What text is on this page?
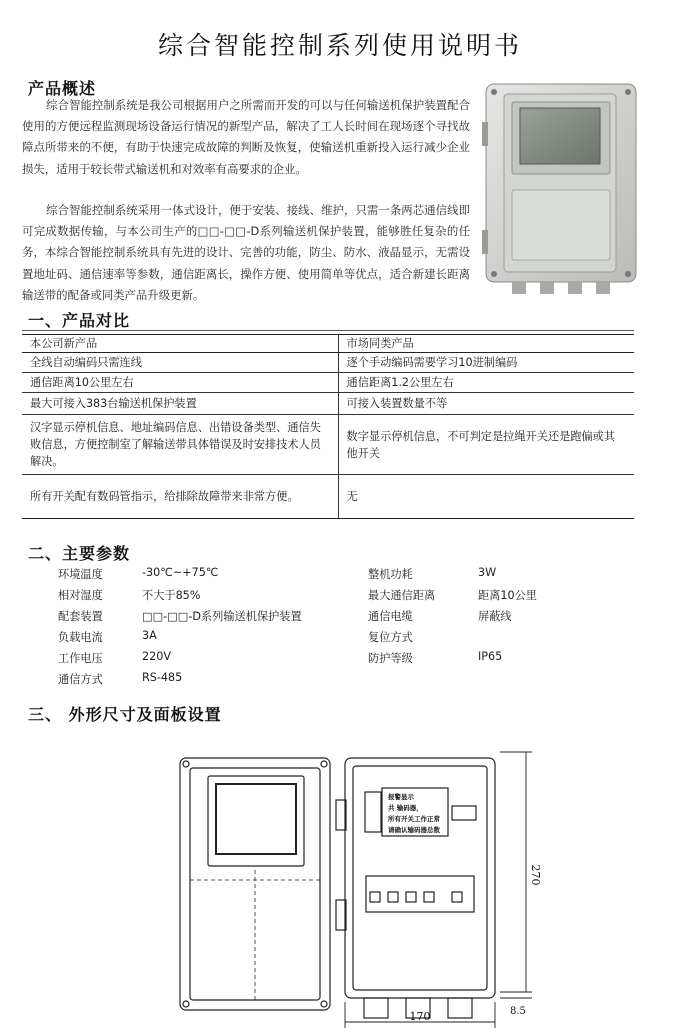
综合智能控制系列使用说明书
产品概述
综合智能控制系统是我公司根据用户之所需而开发的可以与任何输送机保护装置配合使用的方便远程监测现场设备运行情况的新型产品，解决了工人长时间在现场逐个寻找故障点所带来的不便，有助于快速完成故障的判断及恢复，使输送机重新投入运行减少企业损失，适用于较长带式输送机和对效率有高要求的企业。
综合智能控制系统采用一体式设计，便于安装、接线、维护，只需一条两芯通信线即可完成数据传输，与本公司生产的□□-□□-D系列输送机保护装置，能够胜任复杂的任务，本综合智能控制系统具有先进的设计、完善的功能，防尘、防水、液晶显示，无需设置地址码、通信速率等参数，通信距离长，操作方便、使用简单等优点，适合新建长距离输送带的配备或同类产品升级更新。
一、产品对比
本公司新产品	市场同类产品
全线自动编码只需连线	逐个手动编码需要学习10进制编码
通信距离10公里左右	通信距离1.2公里左右
最大可接入383台输送机保护装置	可接入装置数量不等
汉字显示停机信息、地址编码信息、出错设备类型、通信失败信息，方便控制室了解输送带具体错误及时安排技术人员解决。	数字显示停机信息，不可判定是拉绳开关还是跑偏或其他开关
所有开关配有数码管指示，给排除故障带来非常方便。	无
二、主要参数
环境温度	-30℃~+75℃	整机功耗	3W
相对湿度	不大于85%	最大通信距离	距离10公里
配套装置	□□-□□-D系列输送机保护装置	通信电缆	屏蔽线
负载电流	3A	复位方式
工作电压	220V	防护等级	IP65
通信方式	RS-485
三、 外形尺寸及面板设置
报警显示
共 输码器，
所有开关工作正常
请确认输码器总数
270
8.5
170
